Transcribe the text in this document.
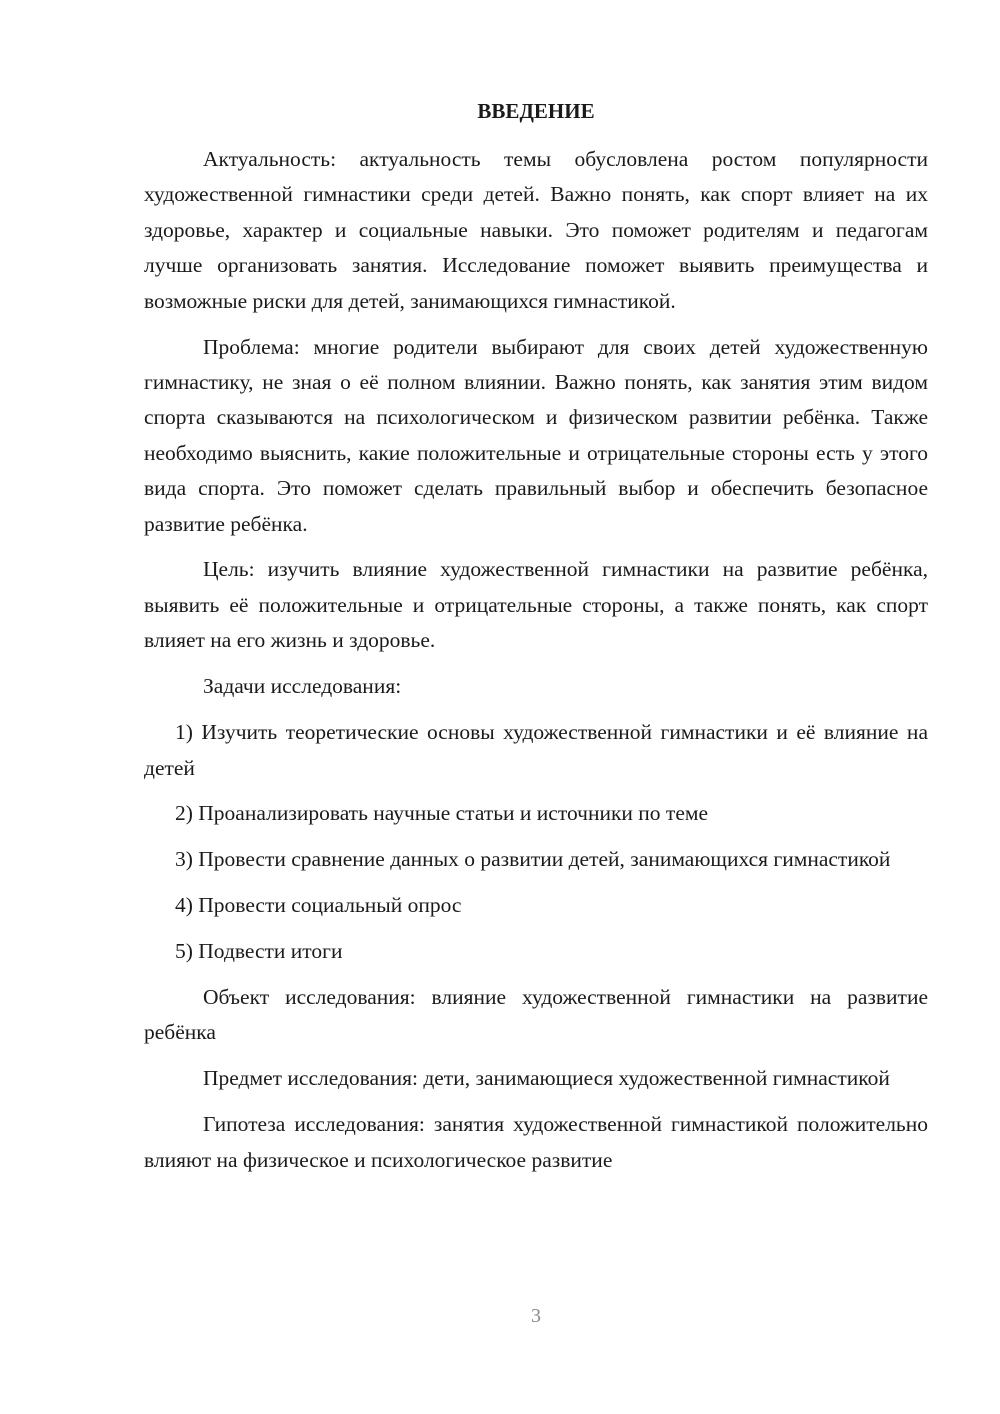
ВВЕДЕНИЕ

Актуальность: актуальность темы обусловлена ростом популярности художественной гимнастики среди детей. Важно понять, как спорт влияет на их здоровье, характер и социальные навыки. Это поможет родителям и педагогам лучше организовать занятия. Исследование поможет выявить преимущества и возможные риски для детей, занимающихся гимнастикой.

Проблема: многие родители выбирают для своих детей художественную гимнастику, не зная о её полном влиянии. Важно понять, как занятия этим видом спорта сказываются на психологическом и физическом развитии ребёнка. Также необходимо выяснить, какие положительные и отрицательные стороны есть у этого вида спорта. Это поможет сделать правильный выбор и обеспечить безопасное развитие ребёнка.

Цель: изучить влияние художественной гимнастики на развитие ребёнка, выявить её положительные и отрицательные стороны, а также понять, как спорт влияет на его жизнь и здоровье.

Задачи исследования:

1) Изучить теоретические основы художественной гимнастики и её влияние на детей

2) Проанализировать научные статьи и источники по теме

3) Провести сравнение данных о развитии детей, занимающихся гимнастикой

4) Провести социальный опрос

5) Подвести итоги

Объект исследования: влияние художественной гимнастики на развитие ребёнка

Предмет исследования: дети, занимающиеся художественной гимнастикой

Гипотеза исследования: занятия художественной гимнастикой положительно влияют на физическое и психологическое развитие

3
